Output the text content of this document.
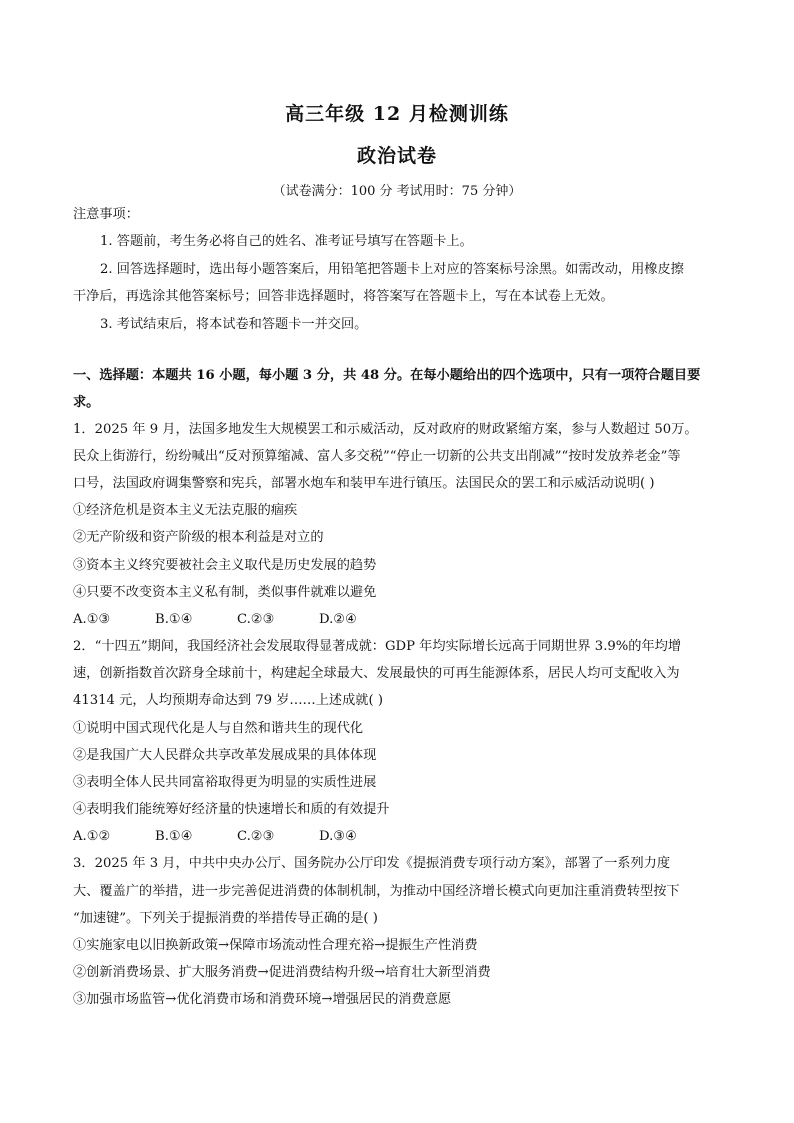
高三年级 12 月检测训练
政治试卷
（试卷满分：100 分 考试用时：75 分钟）
注意事项：
1. 答题前，考生务必将自己的姓名、准考证号填写在答题卡上。
2. 回答选择题时，选出每小题答案后，用铅笔把答题卡上对应的答案标号涂黑。如需改动，用橡皮擦
干净后，再选涂其他答案标号；回答非选择题时，将答案写在答题卡上，写在本试卷上无效。
3. 考试结束后，将本试卷和答题卡一并交回。
一、选择题：本题共 16 小题，每小题 3 分，共 48 分。在每小题给出的四个选项中，只有一项符合题目要
求。
1．2025 年 9 月，法国多地发生大规模罢工和示威活动，反对政府的财政紧缩方案，参与人数超过 50万。
民众上街游行，纷纷喊出“反对预算缩减、富人多交税”“停止一切新的公共支出削减”“按时发放养老金”等
口号，法国政府调集警察和宪兵，部署水炮车和装甲车进行镇压。法国民众的罢工和示威活动说明( )
①经济危机是资本主义无法克服的痼疾
②无产阶级和资产阶级的根本利益是对立的
③资本主义终究要被社会主义取代是历史发展的趋势
④只要不改变资本主义私有制，类似事件就难以避免
A.①③	B.①④	C.②③	D.②④
2．“十四五”期间，我国经济社会发展取得显著成就：GDP 年均实际增长远高于同期世界 3.9%的年均增
速，创新指数首次跻身全球前十，构建起全球最大、发展最快的可再生能源体系，居民人均可支配收入为
41314 元，人均预期寿命达到 79 岁……上述成就( )
①说明中国式现代化是人与自然和谐共生的现代化
②是我国广大人民群众共享改革发展成果的具体体现
③表明全体人民共同富裕取得更为明显的实质性进展
④表明我们能统筹好经济量的快速增长和质的有效提升
A.①②	B.①④	C.②③	D.③④
3．2025 年 3 月，中共中央办公厅、国务院办公厅印发《提振消费专项行动方案》，部署了一系列力度
大、覆盖广的举措，进一步完善促进消费的体制机制，为推动中国经济增长模式向更加注重消费转型按下
“加速键”。下列关于提振消费的举措传导正确的是( )
①实施家电以旧换新政策→保障市场流动性合理充裕→提振生产性消费
②创新消费场景、扩大服务消费→促进消费结构升级→培育壮大新型消费
③加强市场监管→优化消费市场和消费环境→增强居民的消费意愿
